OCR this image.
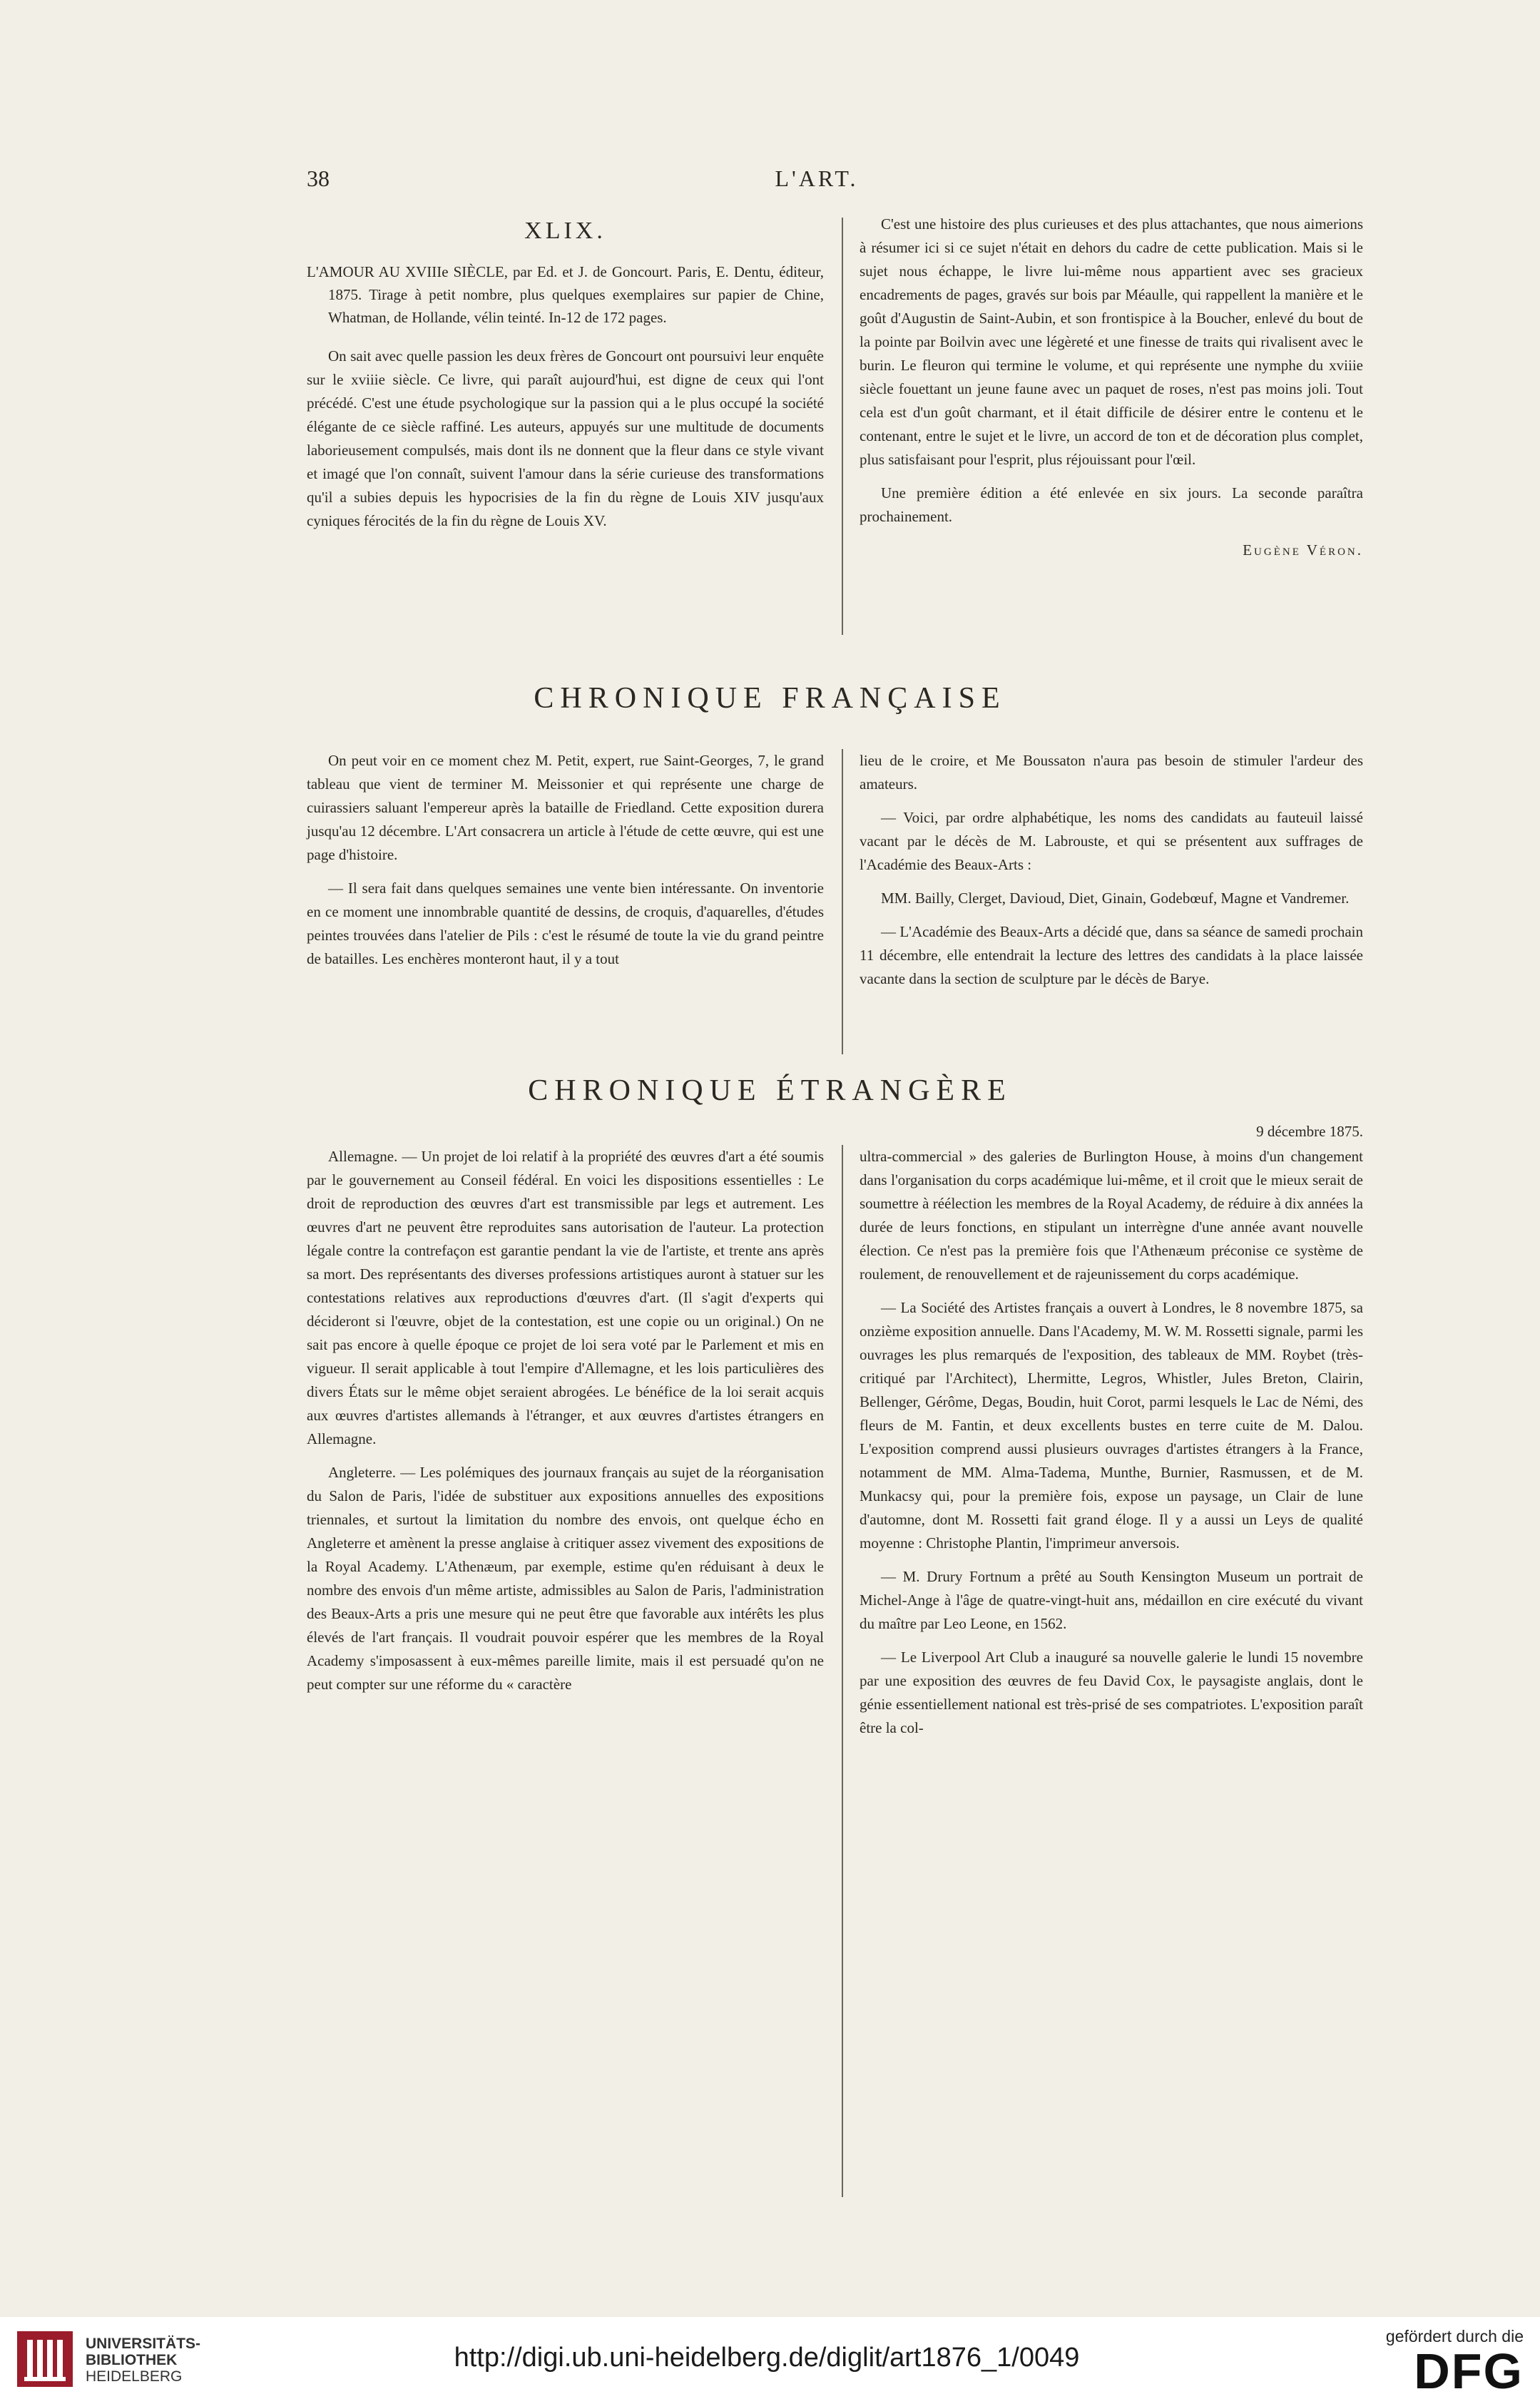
38	L'ART.
XLIX.
L'AMOUR AU XVIIIe SIÈCLE, par Ed. et J. de Goncourt. Paris, E. Dentu, éditeur, 1875. Tirage à petit nombre, plus quelques exemplaires sur papier de Chine, Whatman, de Hollande, vélin teinté. In-12 de 172 pages.

On sait avec quelle passion les deux frères de Goncourt ont poursuivi leur enquête sur le xviiie siècle. Ce livre, qui paraît aujourd'hui, est digne de ceux qui l'ont précédé. C'est une étude psychologique sur la passion qui a le plus occupé la société élégante de ce siècle raffiné. Les auteurs, appuyés sur une multitude de documents laborieusement compulsés, mais dont ils ne donnent que la fleur dans ce style vivant et imagé que l'on connaît, suivent l'amour dans la série curieuse des transformations qu'il a subies depuis les hypocrisies de la fin du règne de Louis XIV jusqu'aux cyniques férocités de la fin du règne de Louis XV.

C'est une histoire des plus curieuses et des plus attachantes, que nous aimerions à résumer ici si ce sujet n'était en dehors du cadre de cette publication. Mais si le sujet nous échappe, le livre lui-même nous appartient avec ses gracieux encadrements de pages, gravés sur bois par Méaulle, qui rappellent la manière et le goût d'Augustin de Saint-Aubin, et son frontispice à la Boucher, enlevé du bout de la pointe par Boilvin avec une légèreté et une finesse de traits qui rivalisent avec le burin. Le fleuron qui termine le volume, et qui représente une nymphe du xviiie siècle fouettant un jeune faune avec un paquet de roses, n'est pas moins joli. Tout cela est d'un goût charmant, et il était difficile de désirer entre le contenu et le contenant, entre le sujet et le livre, un accord de ton et de décoration plus complet, plus satisfaisant pour l'esprit, plus réjouissant pour l'œil.

Une première édition a été enlevée en six jours. La seconde paraîtra prochainement.

Eugène Véron.
CHRONIQUE FRANÇAISE

On peut voir en ce moment chez M. Petit, expert, rue Saint-Georges, 7, le grand tableau que vient de terminer M. Meissonier et qui représente une charge de cuirassiers saluant l'empereur après la bataille de Friedland. Cette exposition durera jusqu'au 12 décembre. L'Art consacrera un article à l'étude de cette œuvre, qui est une page d'histoire.

— Il sera fait dans quelques semaines une vente bien intéressante. On inventorie en ce moment une innombrable quantité de dessins, de croquis, d'aquarelles, d'études peintes trouvées dans l'atelier de Pils : c'est le résumé de toute la vie du grand peintre de batailles. Les enchères monteront haut, il y a tout

lieu de le croire, et Me Boussaton n'aura pas besoin de stimuler l'ardeur des amateurs.

— Voici, par ordre alphabétique, les noms des candidats au fauteuil laissé vacant par le décès de M. Labrouste, et qui se présentent aux suffrages de l'Académie des Beaux-Arts :

MM. Bailly, Clerget, Davioud, Diet, Ginain, Godebœuf, Magne et Vandremer.

— L'Académie des Beaux-Arts a décidé que, dans sa séance de samedi prochain 11 décembre, elle entendrait la lecture des lettres des candidats à la place laissée vacante dans la section de sculpture par le décès de Barye.

CHRONIQUE ÉTRANGÈRE
9 décembre 1875.

Allemagne. — Un projet de loi relatif à la propriété des œuvres d'art a été soumis par le gouvernement au Conseil fédéral. En voici les dispositions essentielles : Le droit de reproduction des œuvres d'art est transmissible par legs et autrement. Les œuvres d'art ne peuvent être reproduites sans autorisation de l'auteur. La protection légale contre la contrefaçon est garantie pendant la vie de l'artiste, et trente ans après sa mort. Des représentants des diverses professions artistiques auront à statuer sur les contestations relatives aux reproductions d'œuvres d'art. (Il s'agit d'experts qui décideront si l'œuvre, objet de la contestation, est une copie ou un original.) On ne sait pas encore à quelle époque ce projet de loi sera voté par le Parlement et mis en vigueur. Il serait applicable à tout l'empire d'Allemagne, et les lois particulières des divers États sur le même objet seraient abrogées. Le bénéfice de la loi serait acquis aux œuvres d'artistes allemands à l'étranger, et aux œuvres d'artistes étrangers en Allemagne.

Angleterre. — Les polémiques des journaux français au sujet de la réorganisation du Salon de Paris, l'idée de substituer aux expositions annuelles des expositions triennales, et surtout la limitation du nombre des envois, ont quelque écho en Angleterre et amènent la presse anglaise à critiquer assez vivement des expositions de la Royal Academy. L'Athenæum, par exemple, estime qu'en réduisant à deux le nombre des envois d'un même artiste, admissibles au Salon de Paris, l'administration des Beaux-Arts a pris une mesure qui ne peut être que favorable aux intérêts les plus élevés de l'art français. Il voudrait pouvoir espérer que les membres de la Royal Academy s'imposassent à eux-mêmes pareille limite, mais il est persuadé qu'on ne peut compter sur une réforme du « caractère

ultra-commercial » des galeries de Burlington House, à moins d'un changement dans l'organisation du corps académique lui-même, et il croit que le mieux serait de soumettre à réélection les membres de la Royal Academy, de réduire à dix années la durée de leurs fonctions, en stipulant un interrègne d'une année avant nouvelle élection. Ce n'est pas la première fois que l'Athenæum préconise ce système de roulement, de renouvellement et de rajeunissement du corps académique.

— La Société des Artistes français a ouvert à Londres, le 8 novembre 1875, sa onzième exposition annuelle. Dans l'Academy, M. W. M. Rossetti signale, parmi les ouvrages les plus remarqués de l'exposition, des tableaux de MM. Roybet (très-critiqué par l'Architect), Lhermitte, Legros, Whistler, Jules Breton, Clairin, Bellenger, Gérôme, Degas, Boudin, huit Corot, parmi lesquels le Lac de Némi, des fleurs de M. Fantin, et deux excellents bustes en terre cuite de M. Dalou. L'exposition comprend aussi plusieurs ouvrages d'artistes étrangers à la France, notamment de MM. Alma-Tadema, Munthe, Burnier, Rasmussen, et de M. Munkacsy qui, pour la première fois, expose un paysage, un Clair de lune d'automne, dont M. Rossetti fait grand éloge. Il y a aussi un Leys de qualité moyenne : Christophe Plantin, l'imprimeur anversois.

— M. Drury Fortnum a prêté au South Kensington Museum un portrait de Michel-Ange à l'âge de quatre-vingt-huit ans, médaillon en cire exécuté du vivant du maître par Leo Leone, en 1562.

— Le Liverpool Art Club a inauguré sa nouvelle galerie le lundi 15 novembre par une exposition des œuvres de feu David Cox, le paysagiste anglais, dont le génie essentiellement national est très-prisé de ses compatriotes. L'exposition paraît être la col-

UNIVERSITÄTS-
BIBLIOTHEK
HEIDELBERG
http://digi.ub.uni-heidelberg.de/diglit/art1876_1/0049
gefördert durch die
DFG
